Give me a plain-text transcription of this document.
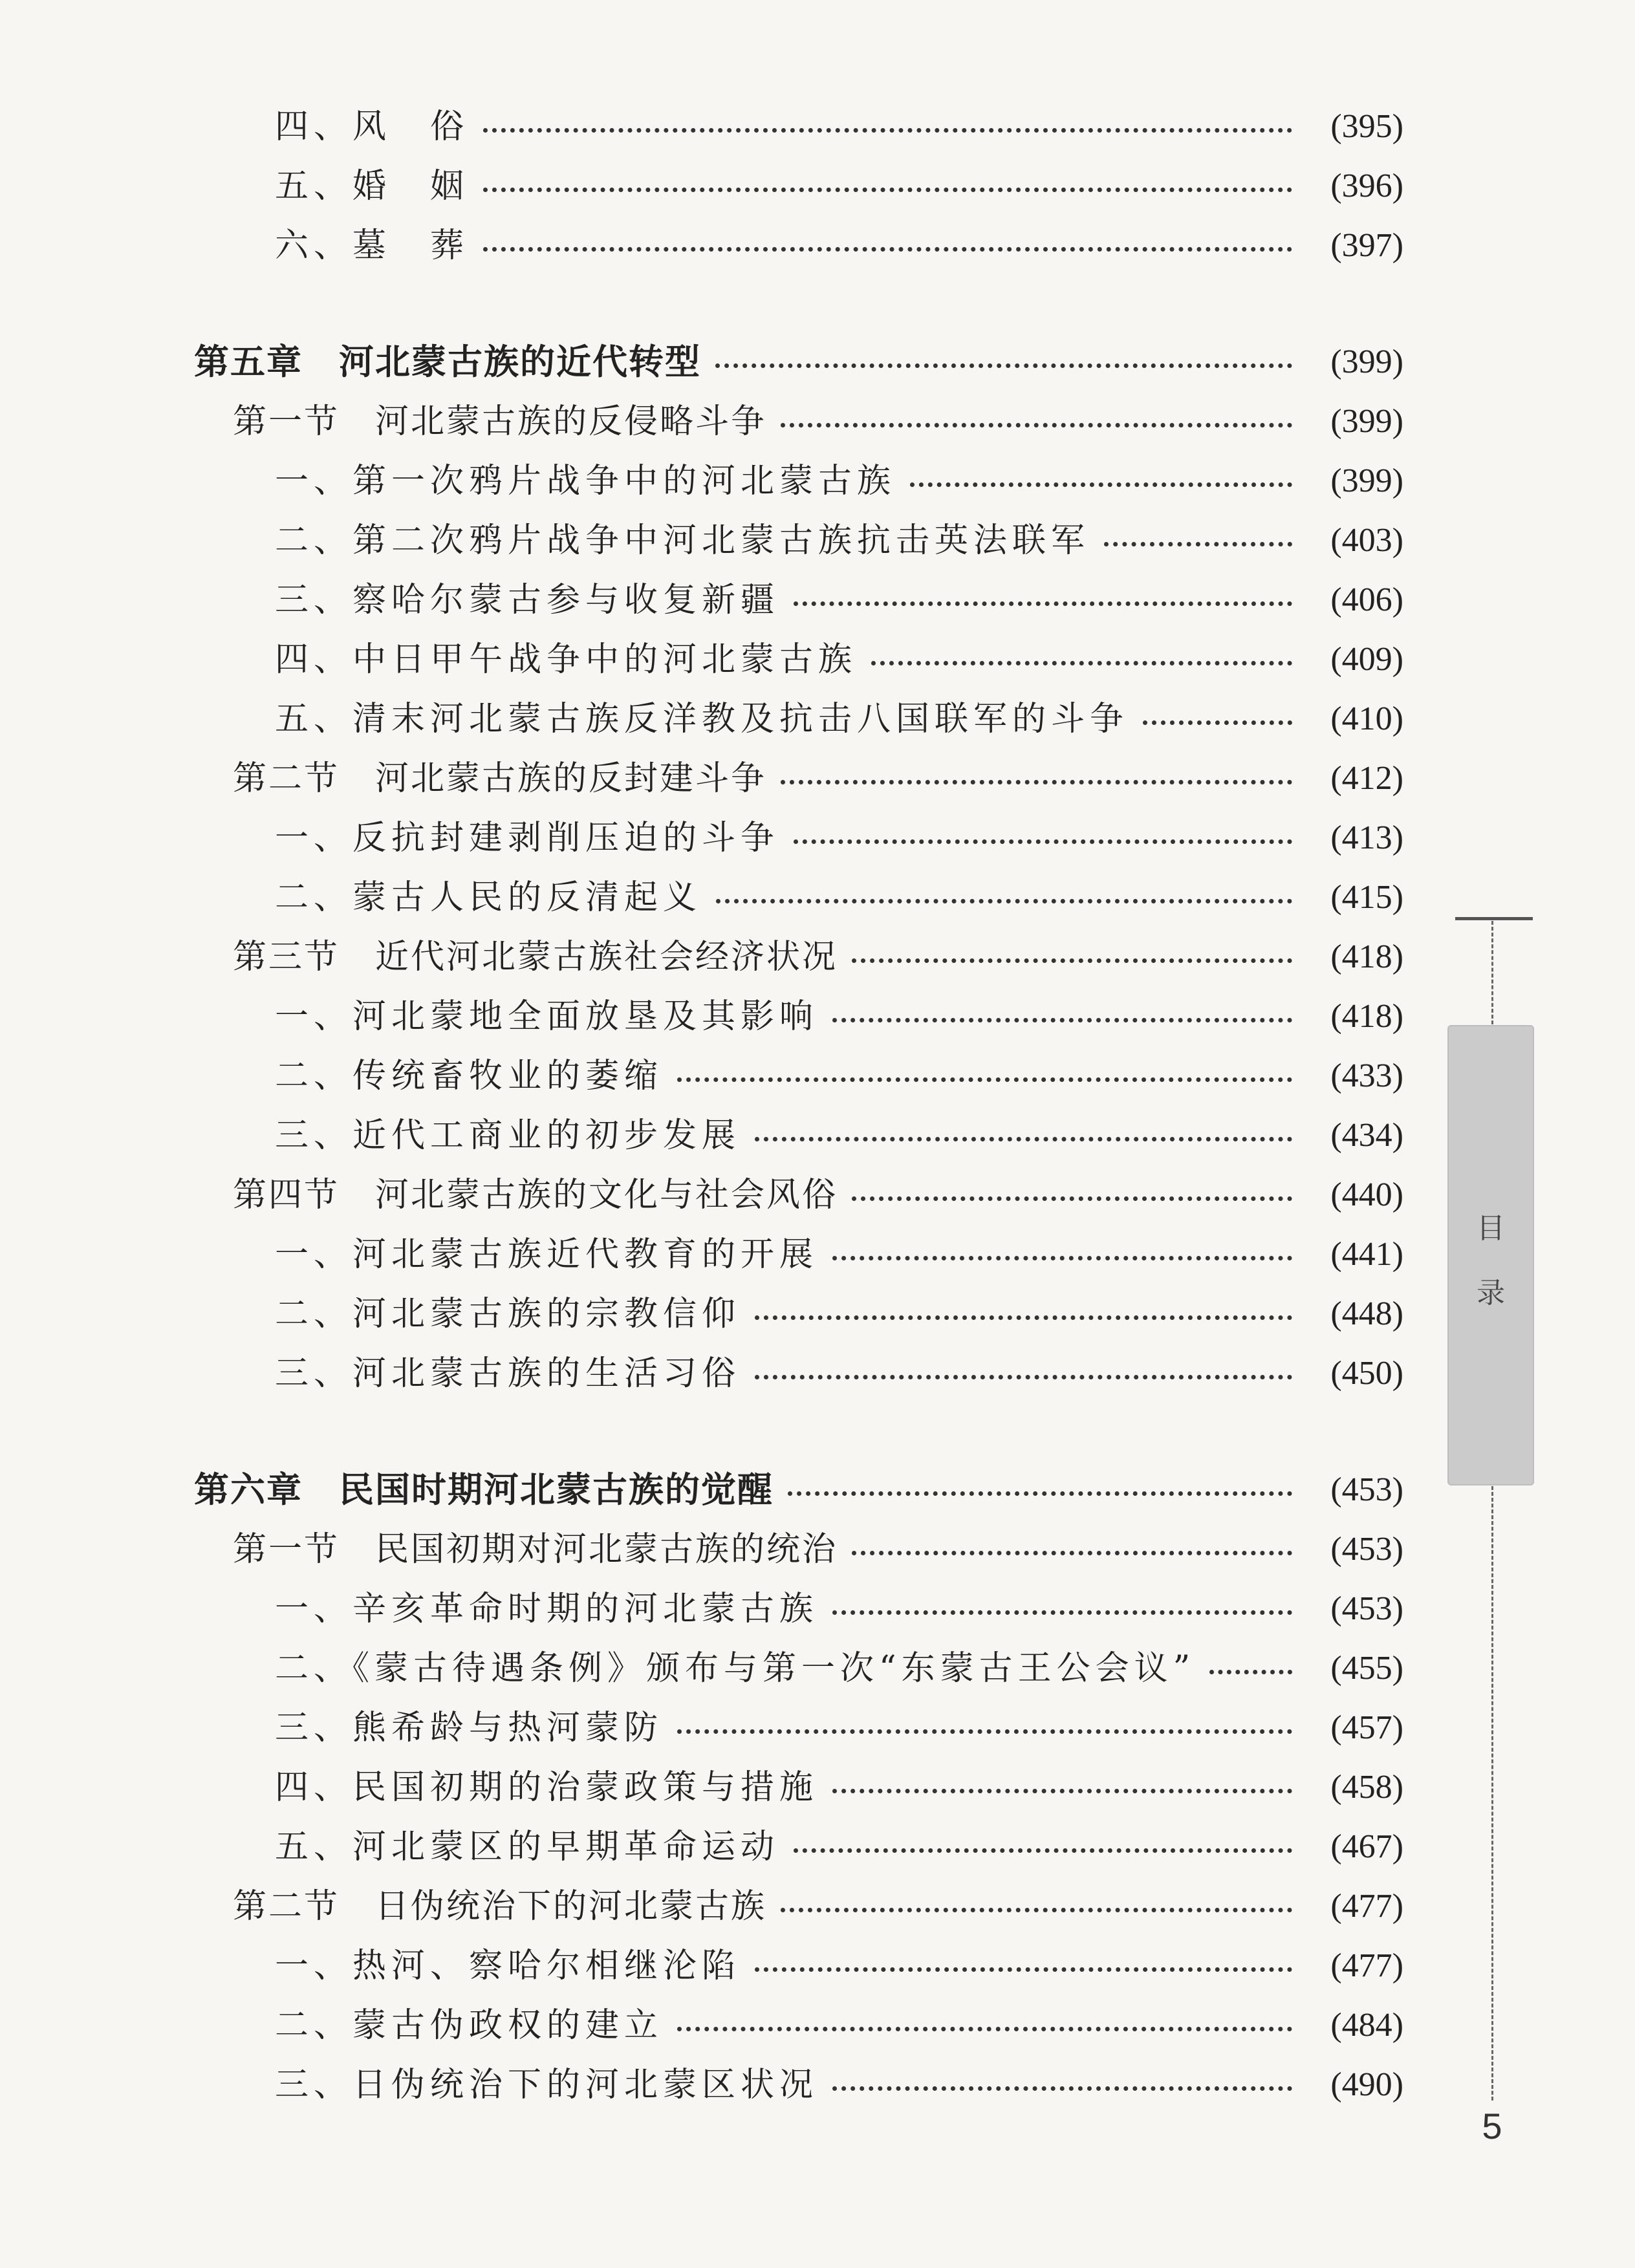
四、风　俗	(395)
五、婚　姻	(396)
六、墓　葬	(397)
第五章　河北蒙古族的近代转型	(399)
第一节　河北蒙古族的反侵略斗争	(399)
一、第一次鸦片战争中的河北蒙古族	(399)
二、第二次鸦片战争中河北蒙古族抗击英法联军	(403)
三、察哈尔蒙古参与收复新疆	(406)
四、中日甲午战争中的河北蒙古族	(409)
五、清末河北蒙古族反洋教及抗击八国联军的斗争	(410)
第二节　河北蒙古族的反封建斗争	(412)
一、反抗封建剥削压迫的斗争	(413)
二、蒙古人民的反清起义	(415)
第三节　近代河北蒙古族社会经济状况	(418)
一、河北蒙地全面放垦及其影响	(418)
二、传统畜牧业的萎缩	(433)
三、近代工商业的初步发展	(434)
第四节　河北蒙古族的文化与社会风俗	(440)
一、河北蒙古族近代教育的开展	(441)
二、河北蒙古族的宗教信仰	(448)
三、河北蒙古族的生活习俗	(450)
第六章　民国时期河北蒙古族的觉醒	(453)
第一节　民国初期对河北蒙古族的统治	(453)
一、辛亥革命时期的河北蒙古族	(453)
二、《蒙古待遇条例》颁布与第一次“东蒙古王公会议”	(455)
三、熊希龄与热河蒙防	(457)
四、民国初期的治蒙政策与措施	(458)
五、河北蒙区的早期革命运动	(467)
第二节　日伪统治下的河北蒙古族	(477)
一、热河、察哈尔相继沦陷	(477)
二、蒙古伪政权的建立	(484)
三、日伪统治下的河北蒙区状况	(490)
目
录
5
